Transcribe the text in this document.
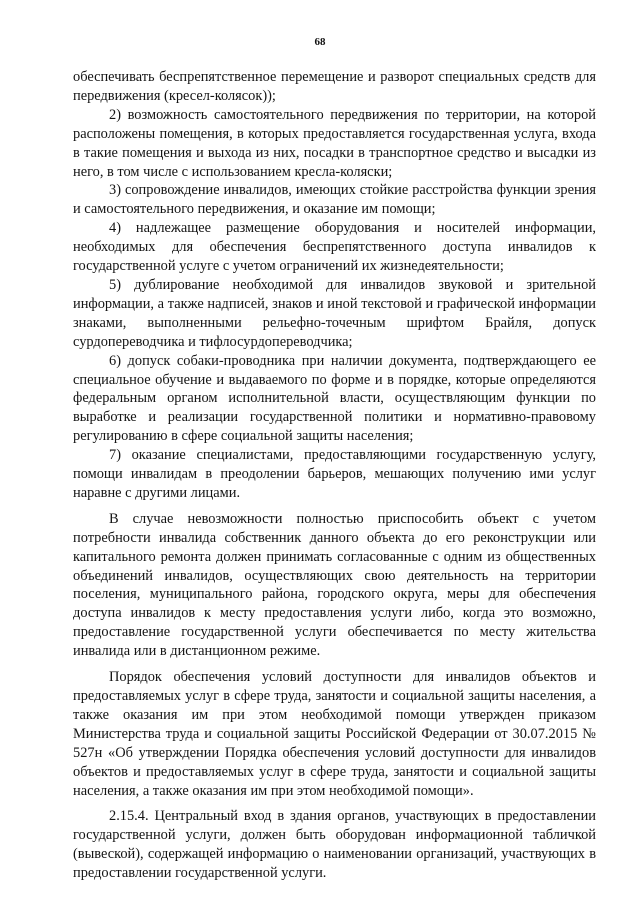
68

обеспечивать беспрепятственное перемещение и разворот специальных средств для передвижения (кресел-колясок));

2) возможность самостоятельного передвижения по территории, на которой расположены помещения, в которых предоставляется государственная услуга, входа в такие помещения и выхода из них, посадки в транспортное средство и высадки из него, в том числе с использованием кресла-коляски;

3) сопровождение инвалидов, имеющих стойкие расстройства функции зрения и самостоятельного передвижения, и оказание им помощи;

4) надлежащее размещение оборудования и носителей информации, необходимых для обеспечения беспрепятственного доступа инвалидов к государственной услуге с учетом ограничений их жизнедеятельности;

5) дублирование необходимой для инвалидов звуковой и зрительной информации, а также надписей, знаков и иной текстовой и графической информации знаками, выполненными рельефно-точечным шрифтом Брайля, допуск сурдопереводчика и тифлосурдопереводчика;

6) допуск собаки-проводника при наличии документа, подтверждающего ее специальное обучение и выдаваемого по форме и в порядке, которые определяются федеральным органом исполнительной власти, осуществляющим функции по выработке и реализации государственной политики и нормативно-правовому регулированию в сфере социальной защиты населения;

7) оказание специалистами, предоставляющими государственную услугу, помощи инвалидам в преодолении барьеров, мешающих получению ими услуг наравне с другими лицами.

В случае невозможности полностью приспособить объект с учетом потребности инвалида собственник данного объекта до его реконструкции или капитального ремонта должен принимать согласованные с одним из общественных объединений инвалидов, осуществляющих свою деятельность на территории поселения, муниципального района, городского округа, меры для обеспечения доступа инвалидов к месту предоставления услуги либо, когда это возможно, предоставление государственной услуги обеспечивается по месту жительства инвалида или в дистанционном режиме.

Порядок обеспечения условий доступности для инвалидов объектов и предоставляемых услуг в сфере труда, занятости и социальной защиты населения, а также оказания им при этом необходимой помощи утвержден приказом Министерства труда и социальной защиты Российской Федерации от 30.07.2015 № 527н «Об утверждении Порядка обеспечения условий доступности для инвалидов объектов и предоставляемых услуг в сфере труда, занятости и социальной защиты населения, а также оказания им при этом необходимой помощи».

2.15.4. Центральный вход в здания органов, участвующих в предоставлении государственной услуги, должен быть оборудован информационной табличкой (вывеской), содержащей информацию о наименовании организаций, участвующих в предоставлении государственной услуги.
